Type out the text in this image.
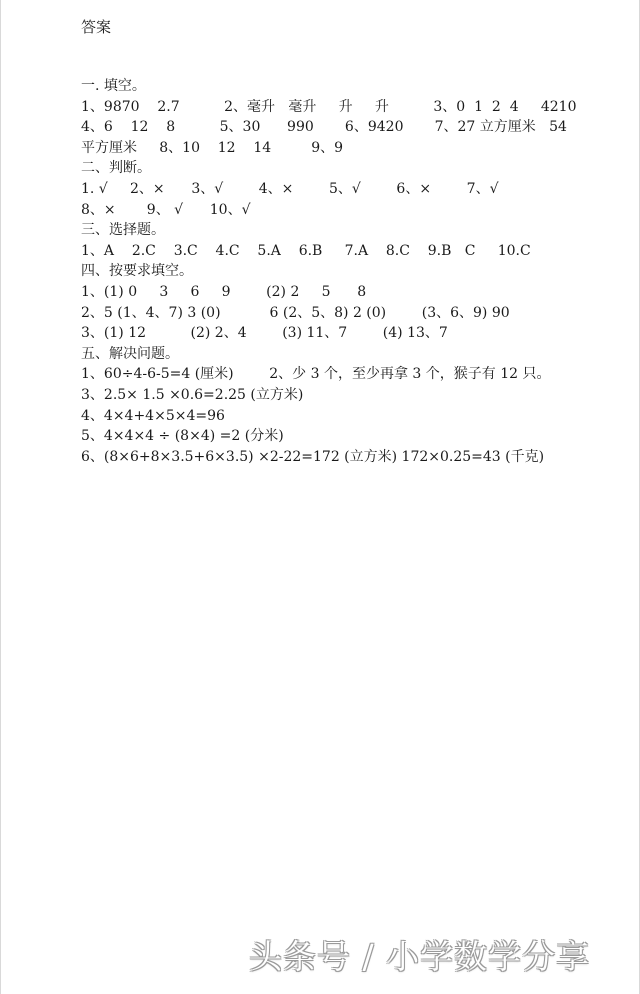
答案
一. 填空。
1、9870    2.7          2、毫升   毫升     升     升          3、0  1  2  4     4210
4、6    12    8          5、30      990       6、9420       7、27 立方厘米   54
平方厘米     8、10    12    14         9、9
二、判断。
1. √     2、×      3、√        4、×        5、√        6、×        7、√
8、×       9、 √      10、√
三、选择题。
1、A    2.C    3.C    4.C    5.A    6.B     7.A    8.C    9.B   C     10.C
四、按要求填空。
1、(1) 0     3     6     9        (2) 2     5      8
2、5 (1、4、7) 3 (0)           6 (2、5、8) 2 (0)        (3、6、9) 90
3、(1) 12          (2) 2、4        (3) 11、7        (4) 13、7
五、解决问题。
1、60÷4-6-5=4 (厘米)        2、少 3 个，至少再拿 3 个，猴子有 12 只。
3、2.5× 1.5 ×0.6=2.25 (立方米)
4、4×4+4×5×4=96
5、4×4×4 ÷ (8×4) =2 (分米)
6、(8×6+8×3.5+6×3.5) ×2-22=172 (立方米) 172×0.25=43 (千克)
头条号 / 小学数学分享
